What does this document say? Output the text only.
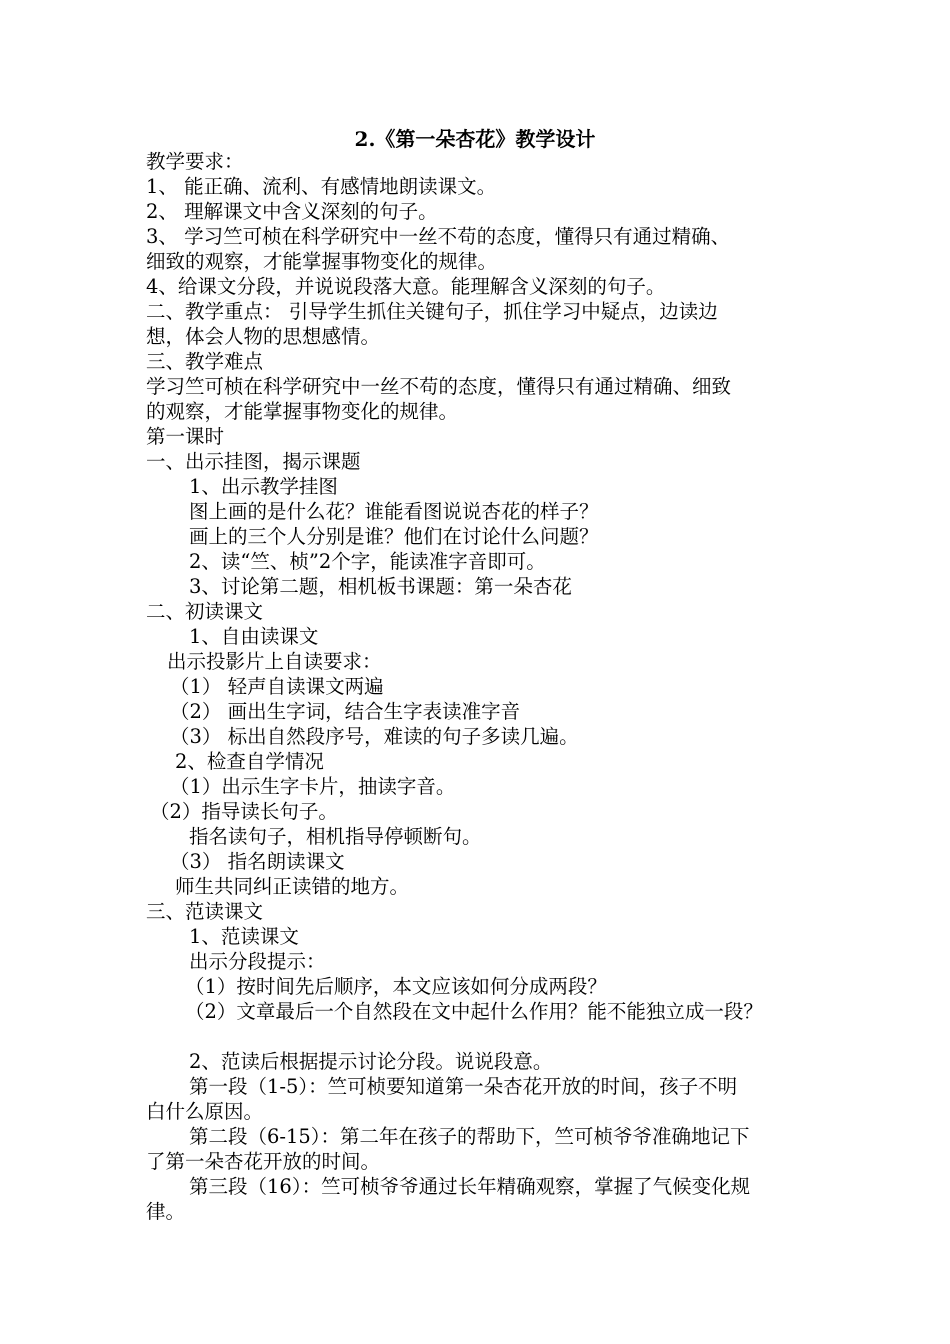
2.《第一朵杏花》教学设计
教学要求：
1、 能正确、流利、有感情地朗读课文。
2、 理解课文中含义深刻的句子。
3、 学习竺可桢在科学研究中一丝不苟的态度，懂得只有通过精确、
细致的观察，才能掌握事物变化的规律。
4、给课文分段，并说说段落大意。能理解含义深刻的句子。
二、教学重点： 引导学生抓住关键句子，抓住学习中疑点，边读边
想，体会人物的思想感情。
三、教学难点
学习竺可桢在科学研究中一丝不苟的态度，懂得只有通过精确、细致
的观察，才能掌握事物变化的规律。
第一课时
一、出示挂图，揭示课题
1、出示教学挂图
图上画的是什么花？谁能看图说说杏花的样子？
画上的三个人分别是谁？他们在讨论什么问题？
2、读“竺、桢”2个字，能读准字音即可。
3、讨论第二题，相机板书课题：第一朵杏花
二、初读课文
1、自由读课文
出示投影片上自读要求：
（1） 轻声自读课文两遍
（2） 画出生字词，结合生字表读准字音
（3） 标出自然段序号，难读的句子多读几遍。
2、检查自学情况
（1）出示生字卡片，抽读字音。
（2）指导读长句子。
指名读句子，相机指导停顿断句。
（3） 指名朗读课文
师生共同纠正读错的地方。
三、范读课文
1、范读课文
出示分段提示：
（1）按时间先后顺序，本文应该如何分成两段？
（2）文章最后一个自然段在文中起什么作用？能不能独立成一段？
2、范读后根据提示讨论分段。说说段意。
第一段（1-5）：竺可桢要知道第一朵杏花开放的时间，孩子不明
白什么原因。
第二段（6-15）：第二年在孩子的帮助下，竺可桢爷爷准确地记下
了第一朵杏花开放的时间。
第三段（16）：竺可桢爷爷通过长年精确观察，掌握了气候变化规
律。
